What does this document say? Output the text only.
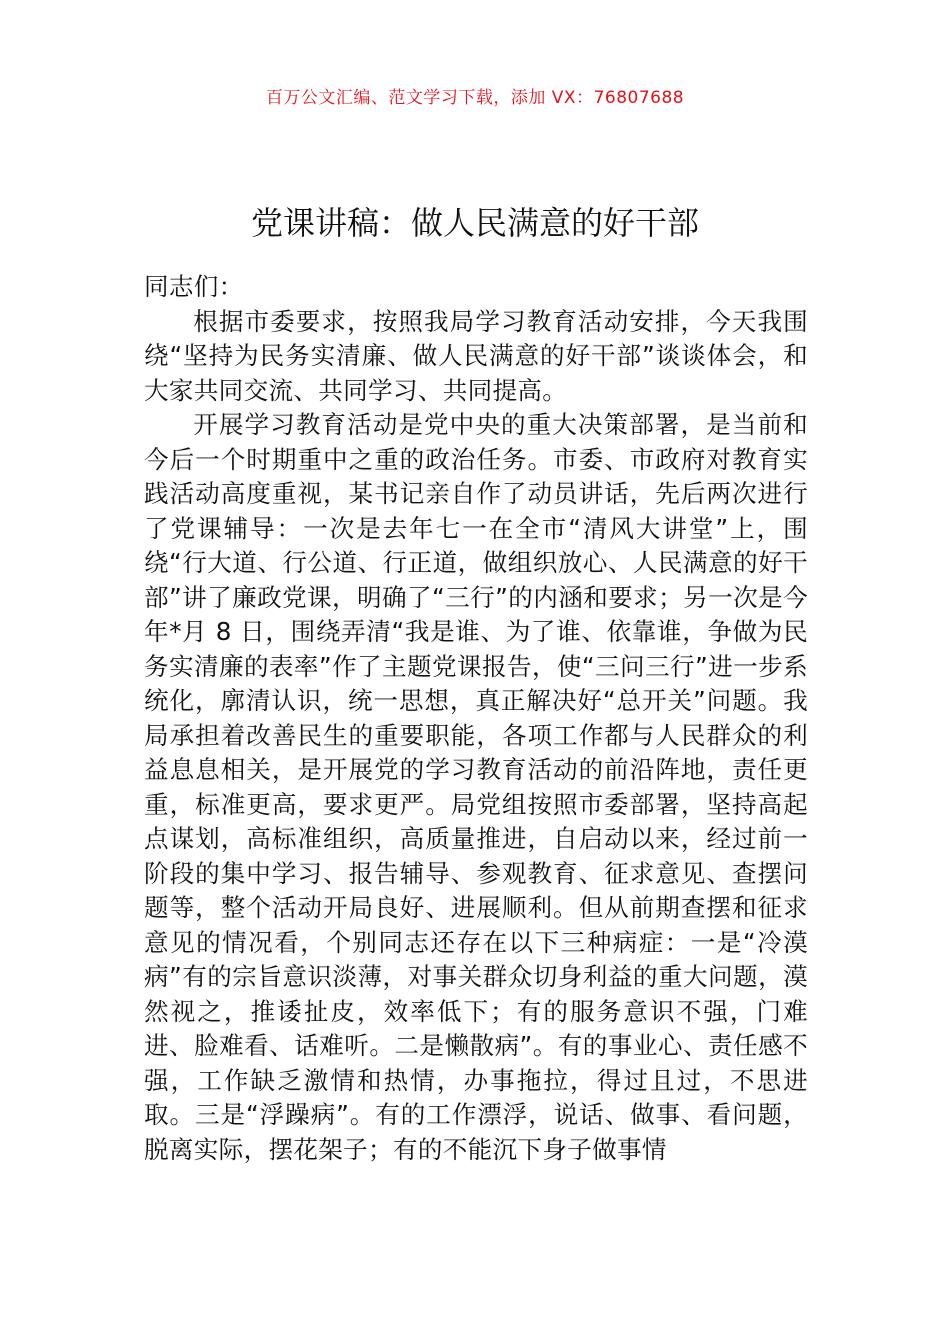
百万公文汇编、范文学习下载，添加 VX：76807688
党课讲稿：做人民满意的好干部

同志们：

根据市委要求，按照我局学习教育活动安排，今天我围绕“坚持为民务实清廉、做人民满意的好干部”谈谈体会，和大家共同交流、共同学习、共同提高。

开展学习教育活动是党中央的重大决策部署，是当前和今后一个时期重中之重的政治任务。市委、市政府对教育实践活动高度重视，某书记亲自作了动员讲话，先后两次进行了党课辅导：一次是去年七一在全市“清风大讲堂”上，围绕“行大道、行公道、行正道，做组织放心、人民满意的好干部”讲了廉政党课，明确了“三行”的内涵和要求；另一次是今年*月 8 日，围绕弄清“我是谁、为了谁、依靠谁，争做为民务实清廉的表率”作了主题党课报告，使“三问三行”进一步系统化，廓清认识，统一思想，真正解决好“总开关”问题。我局承担着改善民生的重要职能，各项工作都与人民群众的利益息息相关，是开展党的学习教育活动的前沿阵地，责任更重，标准更高，要求更严。局党组按照市委部署，坚持高起点谋划，高标准组织，高质量推进，自启动以来，经过前一阶段的集中学习、报告辅导、参观教育、征求意见、查摆问题等，整个活动开局良好、进展顺利。但从前期查摆和征求意见的情况看，个别同志还存在以下三种病症：一是“冷漠病”有的宗旨意识淡薄，对事关群众切身利益的重大问题，漠然视之，推诿扯皮，效率低下；有的服务意识不强，门难进、脸难看、话难听。二是懒散病”。有的事业心、责任感不强，工作缺乏激情和热情，办事拖拉，得过且过，不思进取。三是“浮躁病”。有的工作漂浮，说话、做事、看问题，脱离实际，摆花架子；有的不能沉下身子做事情
